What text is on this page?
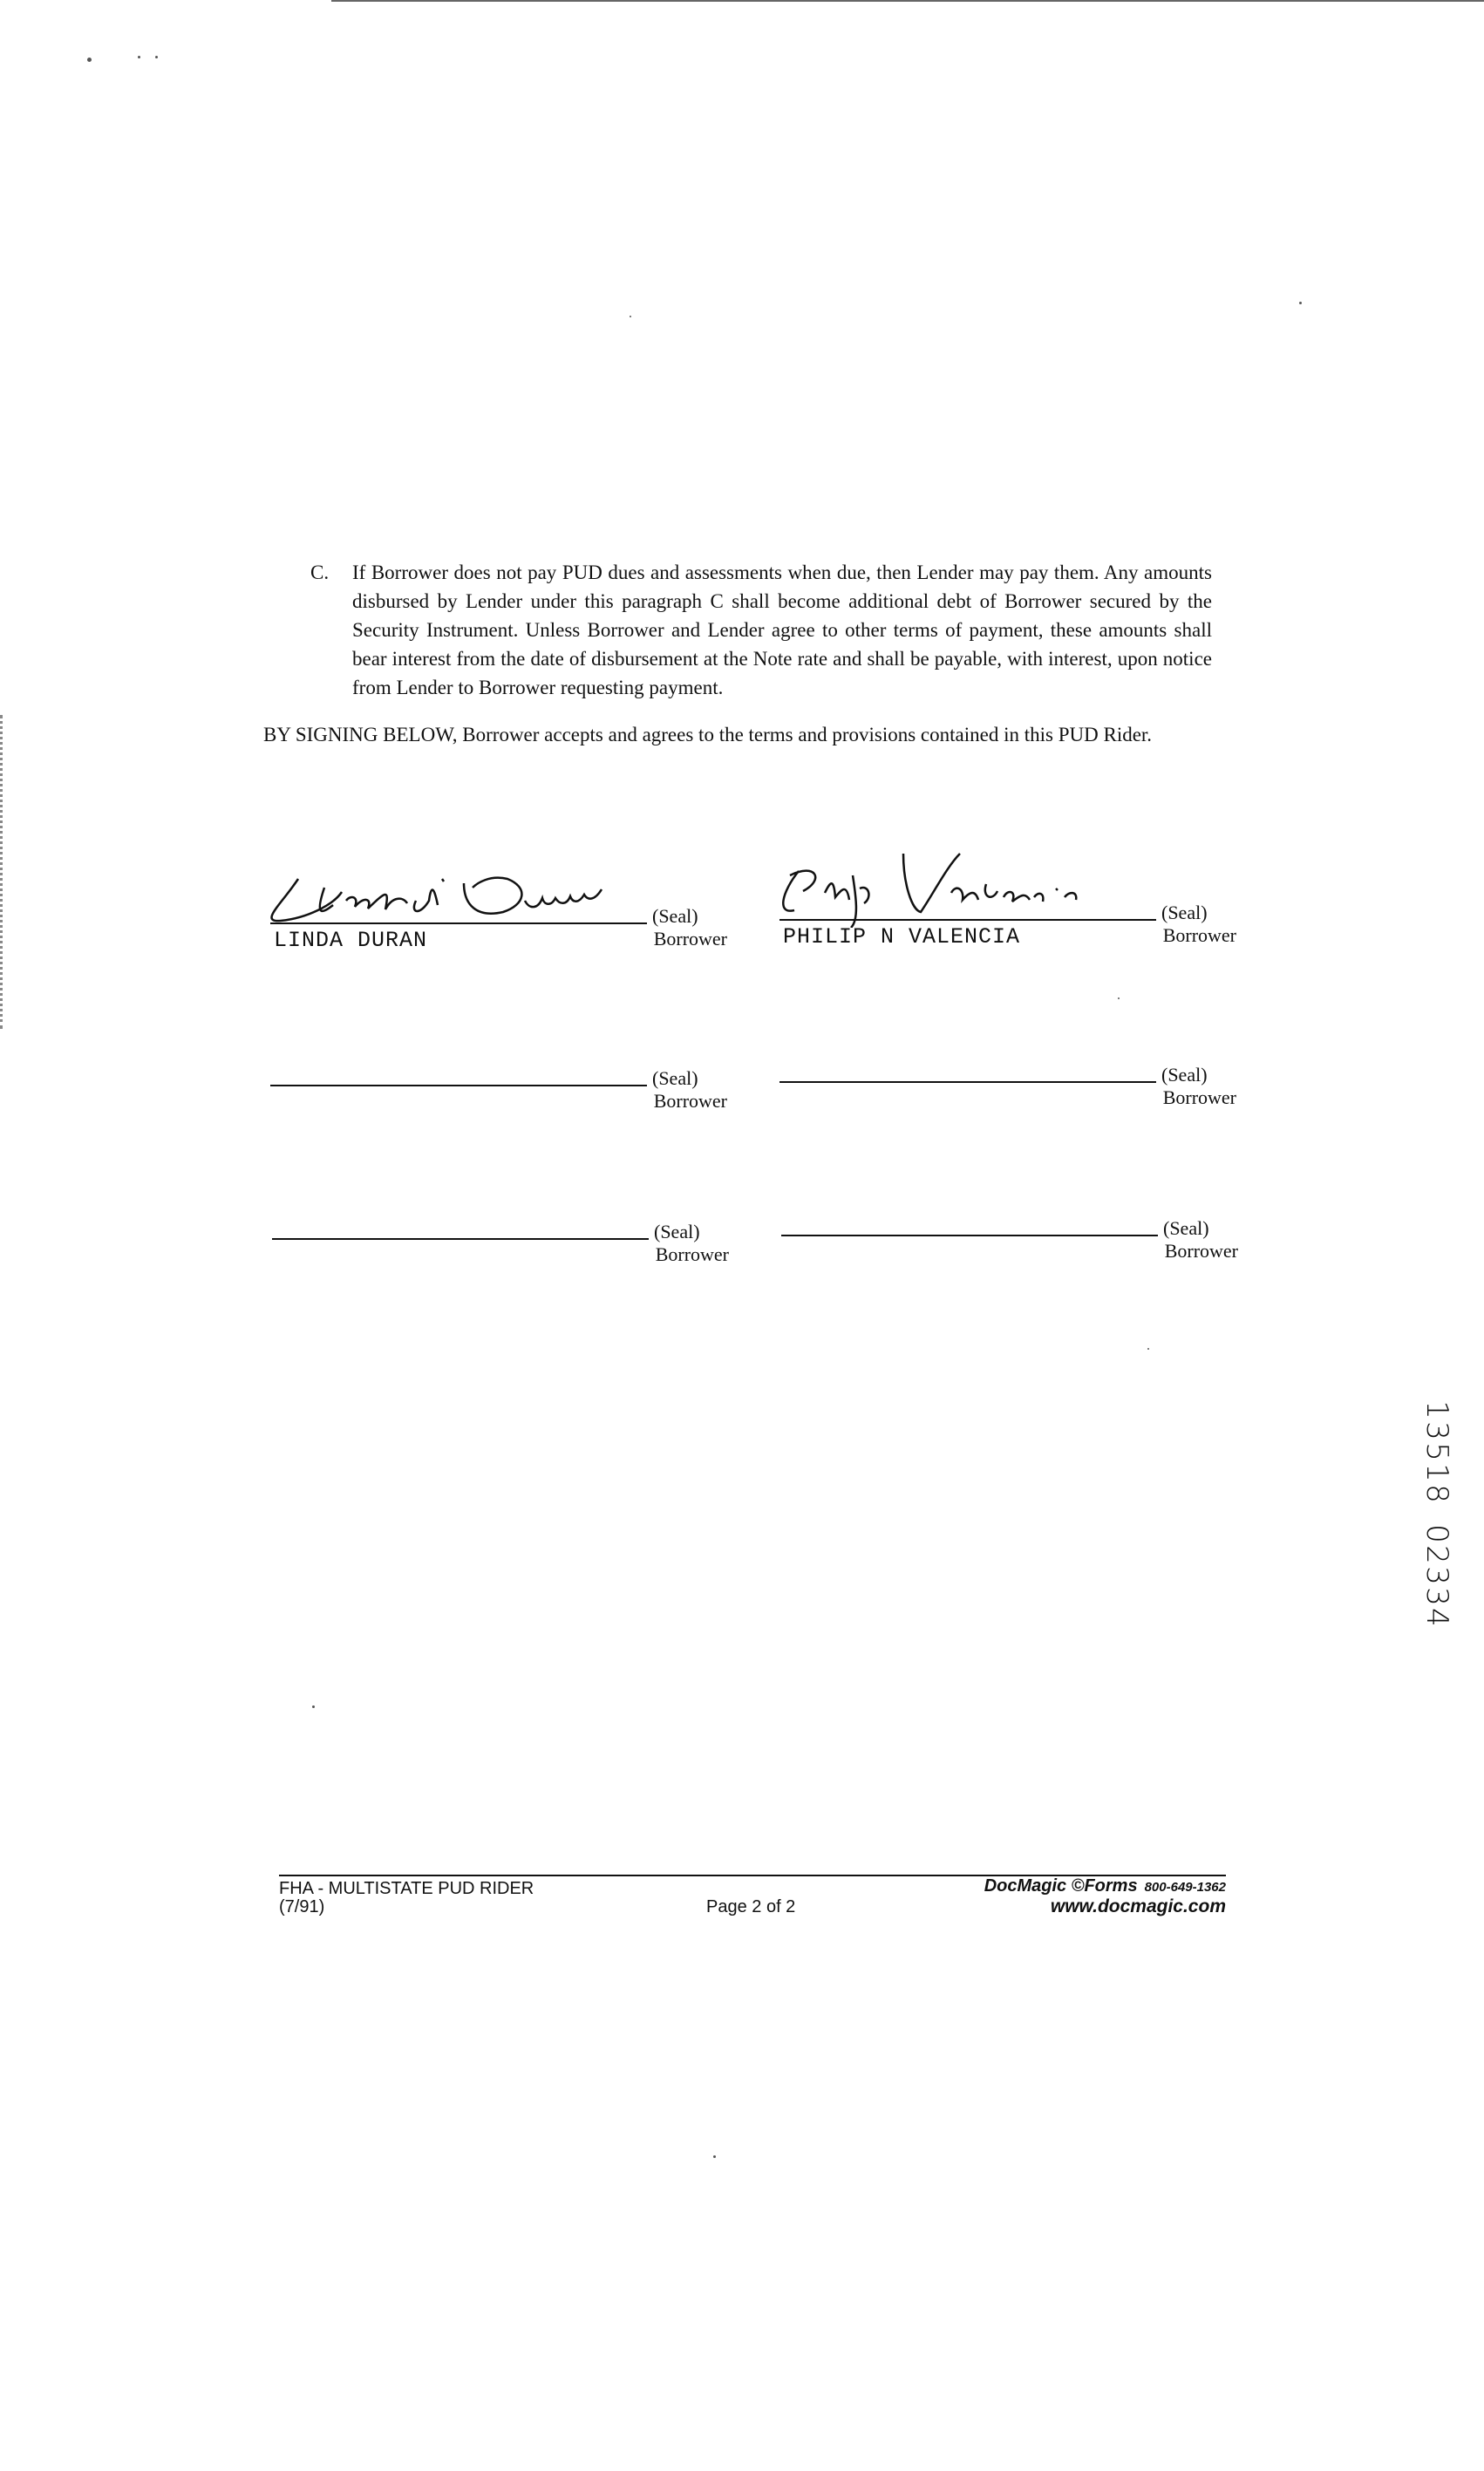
C. If Borrower does not pay PUD dues and assessments when due, then Lender may pay them. Any amounts disbursed by Lender under this paragraph C shall become additional debt of Borrower secured by the Security Instrument. Unless Borrower and Lender agree to other terms of payment, these amounts shall bear interest from the date of disbursement at the Note rate and shall be payable, with interest, upon notice from Lender to Borrower requesting payment.
BY SIGNING BELOW, Borrower accepts and agrees to the terms and provisions contained in this PUD Rider.
(Seal)
LINDA DURAN	Borrower
(Seal)
PHILIP N VALENCIA	Borrower
(Seal)
Borrower
(Seal)
Borrower
(Seal)
Borrower
(Seal)
Borrower
1
3
5
1
8
0
2
3
3
4
FHA - MULTISTATE PUD RIDER
(7/91)	Page 2 of 2
DocMagic ©Forms 800-649-1362
www.docmagic.com
